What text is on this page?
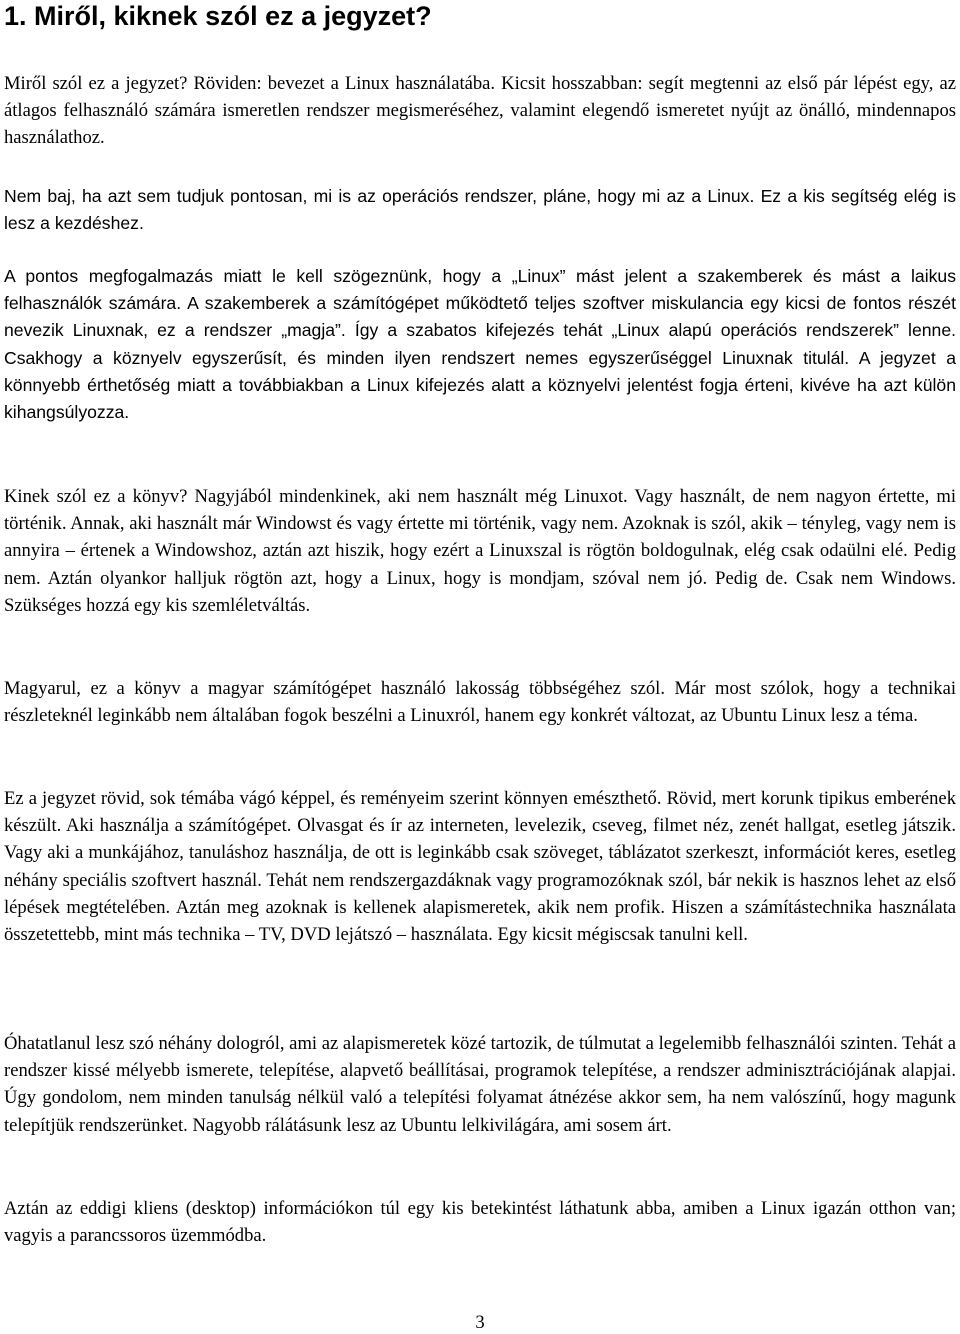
1. Miről, kiknek szól ez a jegyzet?

Miről szól ez a jegyzet? Röviden: bevezet a Linux használatába. Kicsit hosszabban: segít megtenni az első pár lépést egy, az átlagos felhasználó számára ismeretlen rendszer megismeréséhez, valamint elegendő ismeretet nyújt az önálló, mindennapos használathoz.

Nem baj, ha azt sem tudjuk pontosan, mi is az operációs rendszer, pláne, hogy mi az a Linux. Ez a kis segítség elég is lesz a kezdéshez.

A pontos megfogalmazás miatt le kell szögeznünk, hogy a „Linux” mást jelent a szakemberek és mást a laikus felhasználók számára. A szakemberek a számítógépet működtető teljes szoftver miskulancia egy kicsi de fontos részét nevezik Linuxnak, ez a rendszer „magja”. Így a szabatos kifejezés tehát „Linux alapú operációs rendszerek” lenne. Csakhogy a köznyelv egyszerűsít, és minden ilyen rendszert nemes egyszerűséggel Linuxnak titulál. A jegyzet a könnyebb érthetőség miatt a továbbiakban a Linux kifejezés alatt a köznyelvi jelentést fogja érteni, kivéve ha azt külön kihangsúlyozza.

Kinek szól ez a könyv? Nagyjából mindenkinek, aki nem használt még Linuxot. Vagy használt, de nem nagyon értette, mi történik. Annak, aki használt már Windowst és vagy értette mi történik, vagy nem. Azoknak is szól, akik – tényleg, vagy nem is annyira – értenek a Windowshoz, aztán azt hiszik, hogy ezért a Linuxszal is rögtön boldogulnak, elég csak odaülni elé. Pedig nem. Aztán olyankor halljuk rögtön azt, hogy a Linux, hogy is mondjam, szóval nem jó. Pedig de. Csak nem Windows. Szükséges hozzá egy kis szemléletváltás.

Magyarul, ez a könyv a magyar számítógépet használó lakosság többségéhez szól. Már most szólok, hogy a technikai részleteknél leginkább nem általában fogok beszélni a Linuxról, hanem egy konkrét változat, az Ubuntu Linux lesz a téma.

Ez a jegyzet rövid, sok témába vágó képpel, és reményeim szerint könnyen emészthető. Rövid, mert korunk tipikus emberének készült. Aki használja a számítógépet. Olvasgat és ír az interneten, levelezik, cseveg, filmet néz, zenét hallgat, esetleg játszik. Vagy aki a munkájához, tanuláshoz használja, de ott is leginkább csak szöveget, táblázatot szerkeszt, információt keres, esetleg néhány speciális szoftvert használ. Tehát nem rendszergazdáknak vagy programozóknak szól, bár nekik is hasznos lehet az első lépések megtételében. Aztán meg azoknak is kellenek alapismeretek, akik nem profik. Hiszen a számítástechnika használata összetettebb, mint más technika – TV, DVD lejátszó – használata. Egy kicsit mégiscsak tanulni kell.

Óhatatlanul lesz szó néhány dologról, ami az alapismeretek közé tartozik, de túlmutat a legelemibb felhasználói szinten. Tehát a rendszer kissé mélyebb ismerete, telepítése, alapvető beállításai, programok telepítése, a rendszer adminisztrációjának alapjai. Úgy gondolom, nem minden tanulság nélkül való a telepítési folyamat átnézése akkor sem, ha nem valószínű, hogy magunk telepítjük rendszerünket. Nagyobb rálátásunk lesz az Ubuntu lelkivilágára, ami sosem árt.

Aztán az eddigi kliens (desktop) információkon túl egy kis betekintést láthatunk abba, amiben a Linux igazán otthon van; vagyis a parancssoros üzemmódba.

3
